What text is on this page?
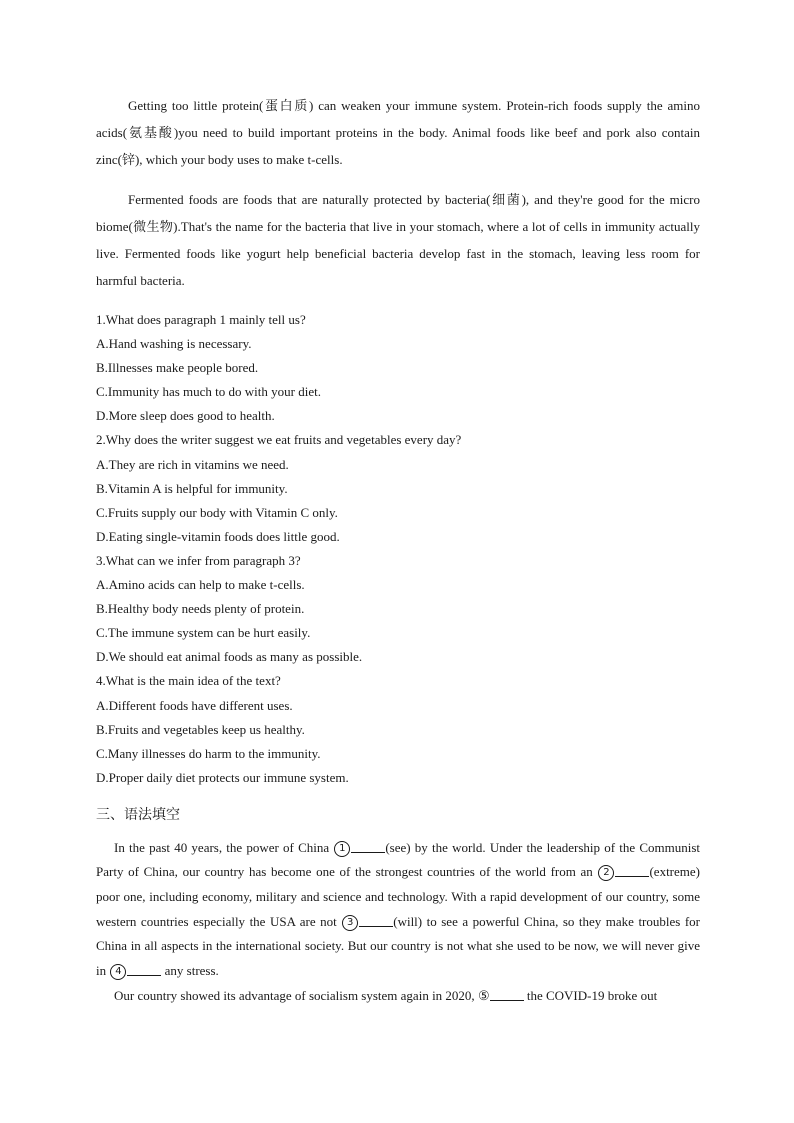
Getting too little protein(蛋白质) can weaken your immune system. Protein-rich foods supply the amino acids(氨基酸)you need to build important proteins in the body. Animal foods like beef and pork also contain zinc(锌), which your body uses to make t-cells.

Fermented foods are foods that are naturally protected by bacteria(细菌), and they're good for the micro biome(微生物).That's the name for the bacteria that live in your stomach, where a lot of cells in immunity actually live. Fermented foods like yogurt help beneficial bacteria develop fast in the stomach, leaving less room for harmful bacteria.

1.What does paragraph 1 mainly tell us?
A.Hand washing is necessary.
B.Illnesses make people bored.
C.Immunity has much to do with your diet.
D.More sleep does good to health.
2.Why does the writer suggest we eat fruits and vegetables every day?
A.They are rich in vitamins we need.
B.Vitamin A is helpful for immunity.
C.Fruits supply our body with Vitamin C only.
D.Eating single-vitamin foods does little good.
3.What can we infer from paragraph 3?
A.Amino acids can help to make t-cells.
B.Healthy body needs plenty of protein.
C.The immune system can be hurt easily.
D.We should eat animal foods as many as possible.
4.What is the main idea of the text?
A.Different foods have different uses.
B.Fruits and vegetables keep us healthy.
C.Many illnesses do harm to the immunity.
D.Proper daily diet protects our immune system.
三、语法填空

In the past 40 years, the power of China 1	(see) by the world. Under the leadership of the Communist Party of China, our country has become one of the strongest countries of the world from an 2	(extreme) poor one, including economy, military and science and technology. With a rapid development of our country, some western countries especially the USA are not 3	(will) to see a powerful China, so they make troubles for China in all aspects in the international society. But our country is not what she used to be now, we will never give in 4	any stress.

Our country showed its advantage of socialism system again in 2020, ⑤	the COVID-19 broke out
